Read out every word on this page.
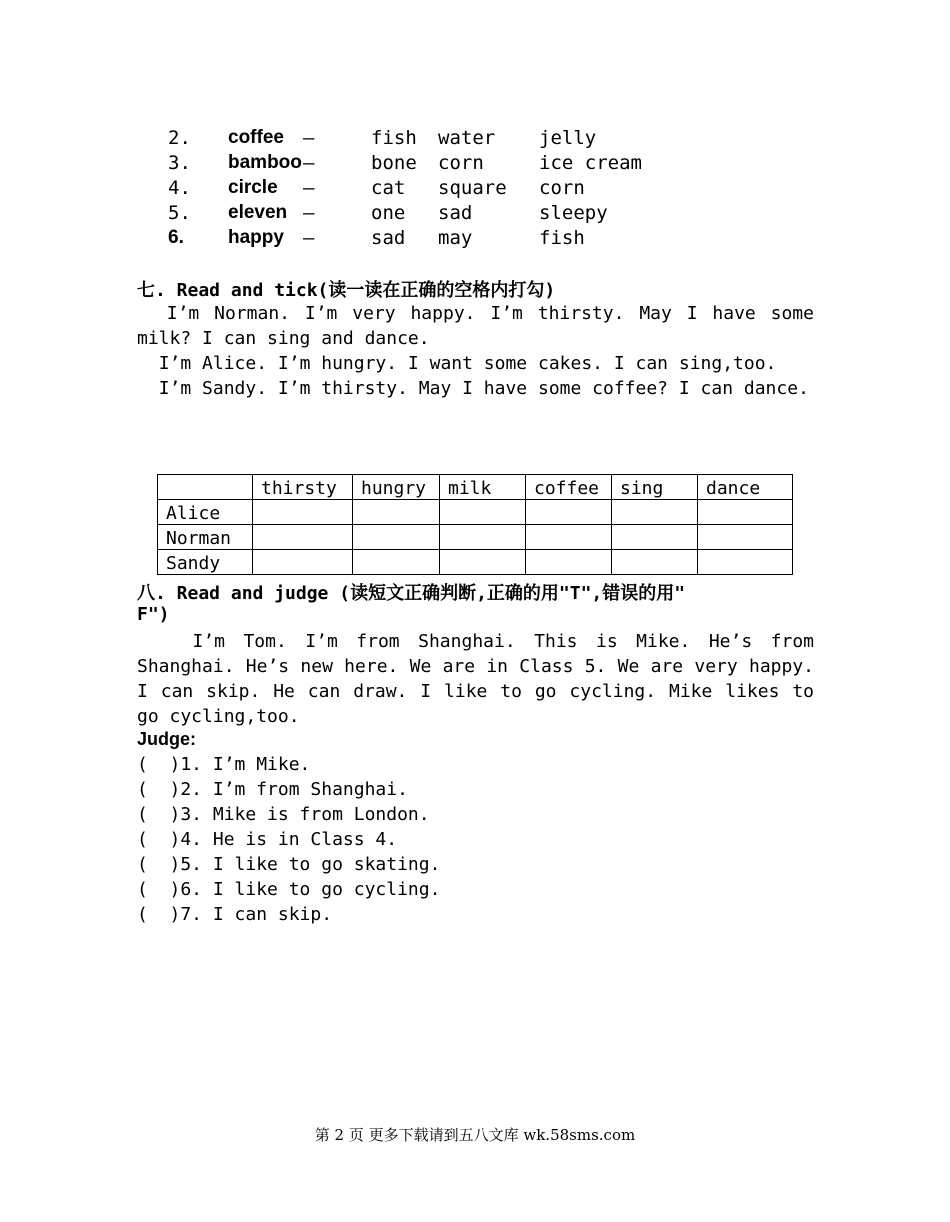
2. coffee —	fish water jelly
3. bamboo —	bone corn	ice cream
4. circle —	cat square corn
5. eleven —	one sad	sleepy
6. happy —	sad may	fish
七. Read and tick(读一读在正确的空格内打勾)

I’m Norman. I’m very happy. I’m thirsty. May I have some milk? I can sing and dance.

I’m Alice. I’m hungry. I want some cakes. I can sing,too.

I’m Sandy. I’m thirsty. May I have some coffee? I can dance.

	thirsty	hungry	milk	coffee	sing	dance
Alice						
Norman						
Sandy						
八. Read and judge (读短文正确判断,正确的用"T",错误的用"
F")
I’m Tom. I’m from Shanghai. This is Mike. He’s from Shanghai. He’s new here. We are in Class 5. We are very happy. I can skip. He can draw. I like to go cycling. Mike likes to go cycling,too.
Judge:
(  )1. I’m Mike.
(  )2. I’m from Shanghai.
(  )3. Mike is from London.
(  )4. He is in Class 4.
(  )5. I like to go skating.
(  )6. I like to go cycling.
(  )7. I can skip.
第 2 页 更多下载请到五八文库 wk.58sms.com
